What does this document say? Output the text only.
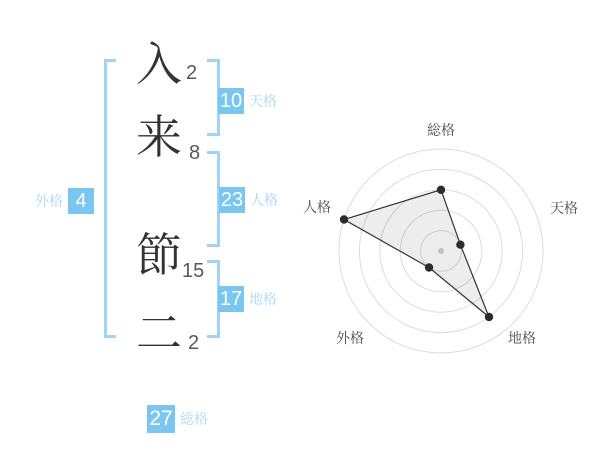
入
来
節
二
2
8
15
2
10 天格
23 人格
17 地格
外格 4
27 総格
総格
天格
地格
外格
人格
